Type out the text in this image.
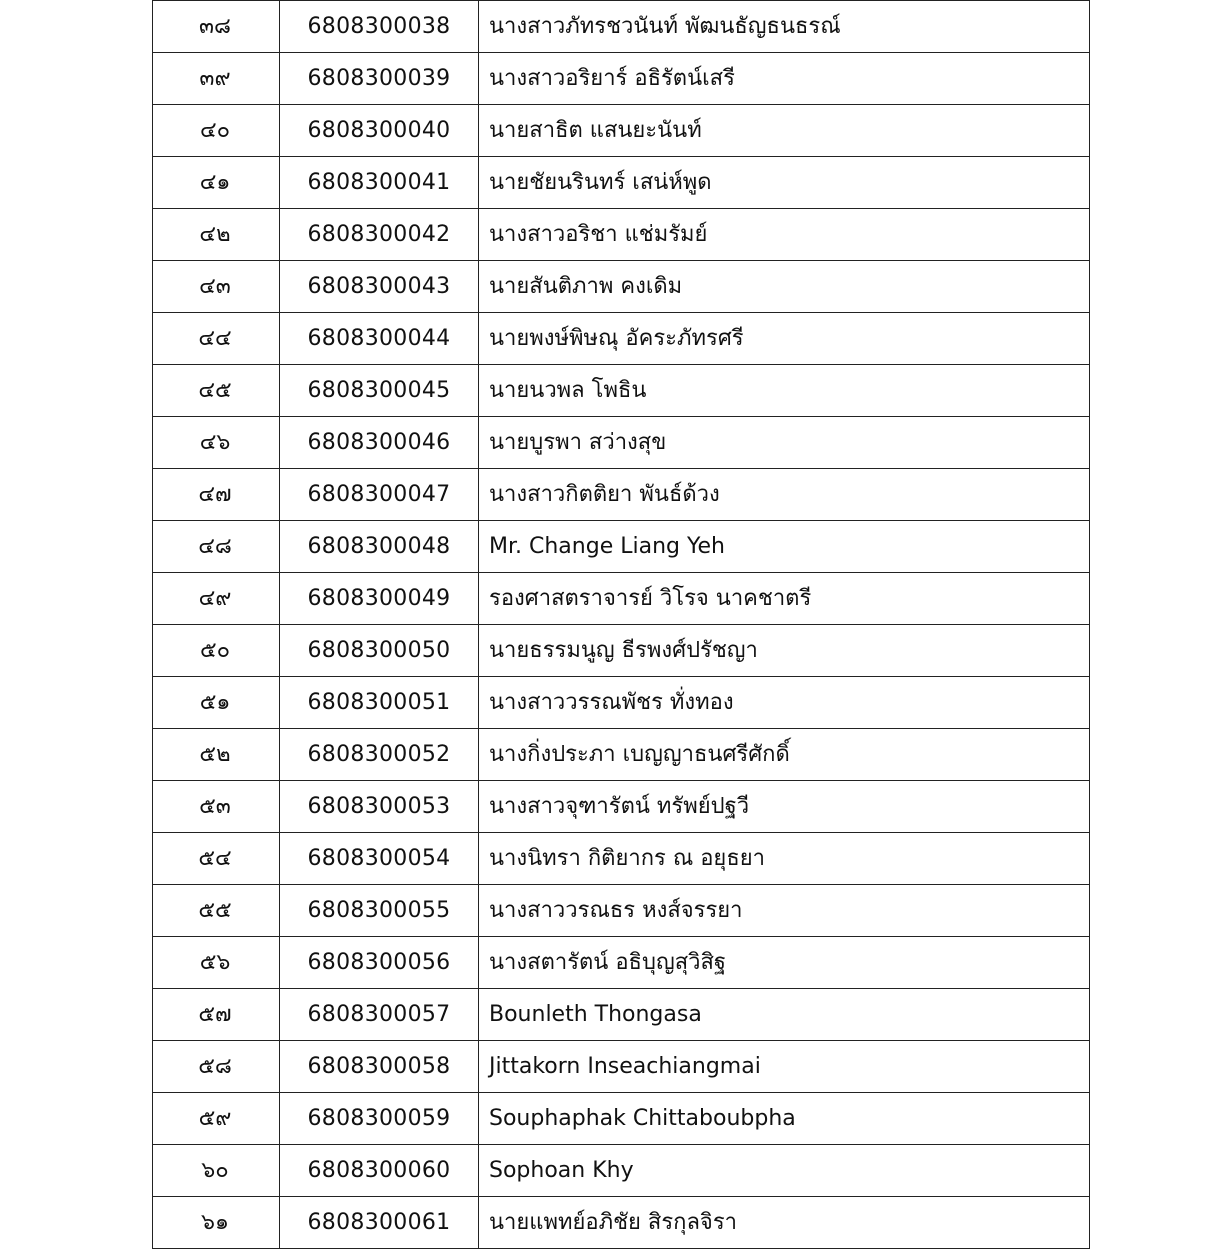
๓๘	6808300038	นางสาวภัทรชวนันท์ พัฒนธัญธนธรณ์
๓๙	6808300039	นางสาวอริยาร์ อธิรัตน์เสรี
๔๐	6808300040	นายสาธิต แสนยะนันท์
๔๑	6808300041	นายชัยนรินทร์ เสน่ห์พูด
๔๒	6808300042	นางสาวอริชา แช่มรัมย์
๔๓	6808300043	นายสันติภาพ คงเดิม
๔๔	6808300044	นายพงษ์พิษณุ อัคระภัทรศรี
๔๕	6808300045	นายนวพล โพธิน
๔๖	6808300046	นายบูรพา สว่างสุข
๔๗	6808300047	นางสาวกิตติยา พันธ์ด้วง
๔๘	6808300048	Mr. Change Liang Yeh
๔๙	6808300049	รองศาสตราจารย์ วิโรจ นาคชาตรี
๕๐	6808300050	นายธรรมนูญ ธีรพงศ์ปรัชญา
๕๑	6808300051	นางสาววรรณพัชร ทั่งทอง
๕๒	6808300052	นางกิ่งประภา เบญญาธนศรีศักดิ์
๕๓	6808300053	นางสาวจุฑารัตน์ ทรัพย์ปฐวี
๕๔	6808300054	นางนิทรา กิติยากร ณ อยุธยา
๕๕	6808300055	นางสาววรณธร หงส์จรรยา
๕๖	6808300056	นางสตารัตน์ อธิบุญสุวิสิฐ
๕๗	6808300057	Bounleth Thongasa
๕๘	6808300058	Jittakorn Inseachiangmai
๕๙	6808300059	Souphaphak Chittaboubpha
๖๐	6808300060	Sophoan Khy
๖๑	6808300061	นายแพทย์อภิชัย สิรกุลจิรา
